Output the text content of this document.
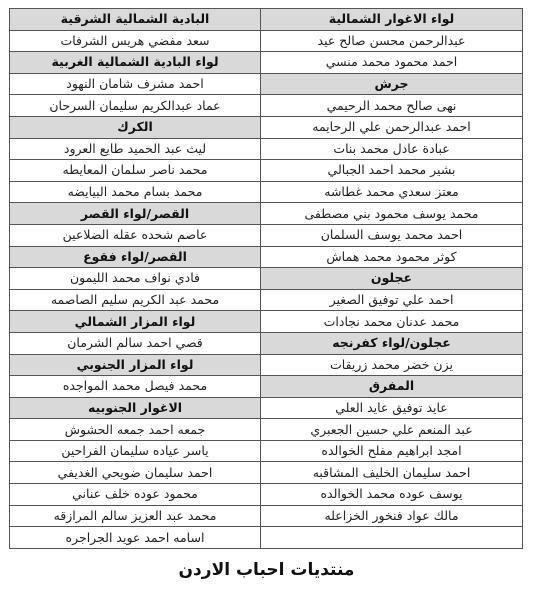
لواء الاغوار الشمالية	البادية الشمالية الشرقية
عبدالرحمن محسن صالح عيد	سعد مفضي هريس الشرفات
احمد محمود محمد منسي	لواء البادية الشمالية الغربية
جرش	احمد مشرف شامان النهود
نهى صالح محمد الرحيمي	عماد عبدالكريم سليمان السرحان
احمد عبدالرحمن علي الرحايمه	الكرك
عبادة عادل محمد بنات	ليث عبد الحميد طايع العرود
بشير محمد احمد الجبالي	محمد ناصر سلمان المعايطه
معتز سعدي محمد غطاشه	محمد بسام محمد البيايضه
محمد يوسف محمود بني مصطفى	القصر/لواء القصر
احمد محمد يوسف السلمان	عاصم شحده عقله الضلاعين
كوثر محمود محمد هماش	القصر/لواء فقوع
عجلون	فادي نواف محمد الليمون
احمد علي توفيق الصغير	محمد عبد الكريم سليم الصاصمه
محمد عدنان محمد نجادات	لواء المزار الشمالي
عجلون/لواء كفرنجه	قصي احمد سالم الشرمان
يزن خضر محمد زريقات	لواء المزار الجنوبي
المفرق	محمد فيصل محمد المواجده
عايد توفيق عايد العلي	الاغوار الجنوبيه
عبد المنعم علي حسين الجعبري	جمعه احمد جمعه الحشوش
امجد ابراهيم مفلح الخوالده	ياسر عياده سليمان الفراحين
احمد سليمان الخليف المشاقبه	احمد سليمان ضويحي الغديفي
يوسف عوده محمد الخوالده	محمود عوده خلف عناني
مالك عواد فنخور الخزاعله	محمد عبد العزيز سالم المرازقه
	اسامه احمد عويد الجراجره
منتديات احباب الاردن
